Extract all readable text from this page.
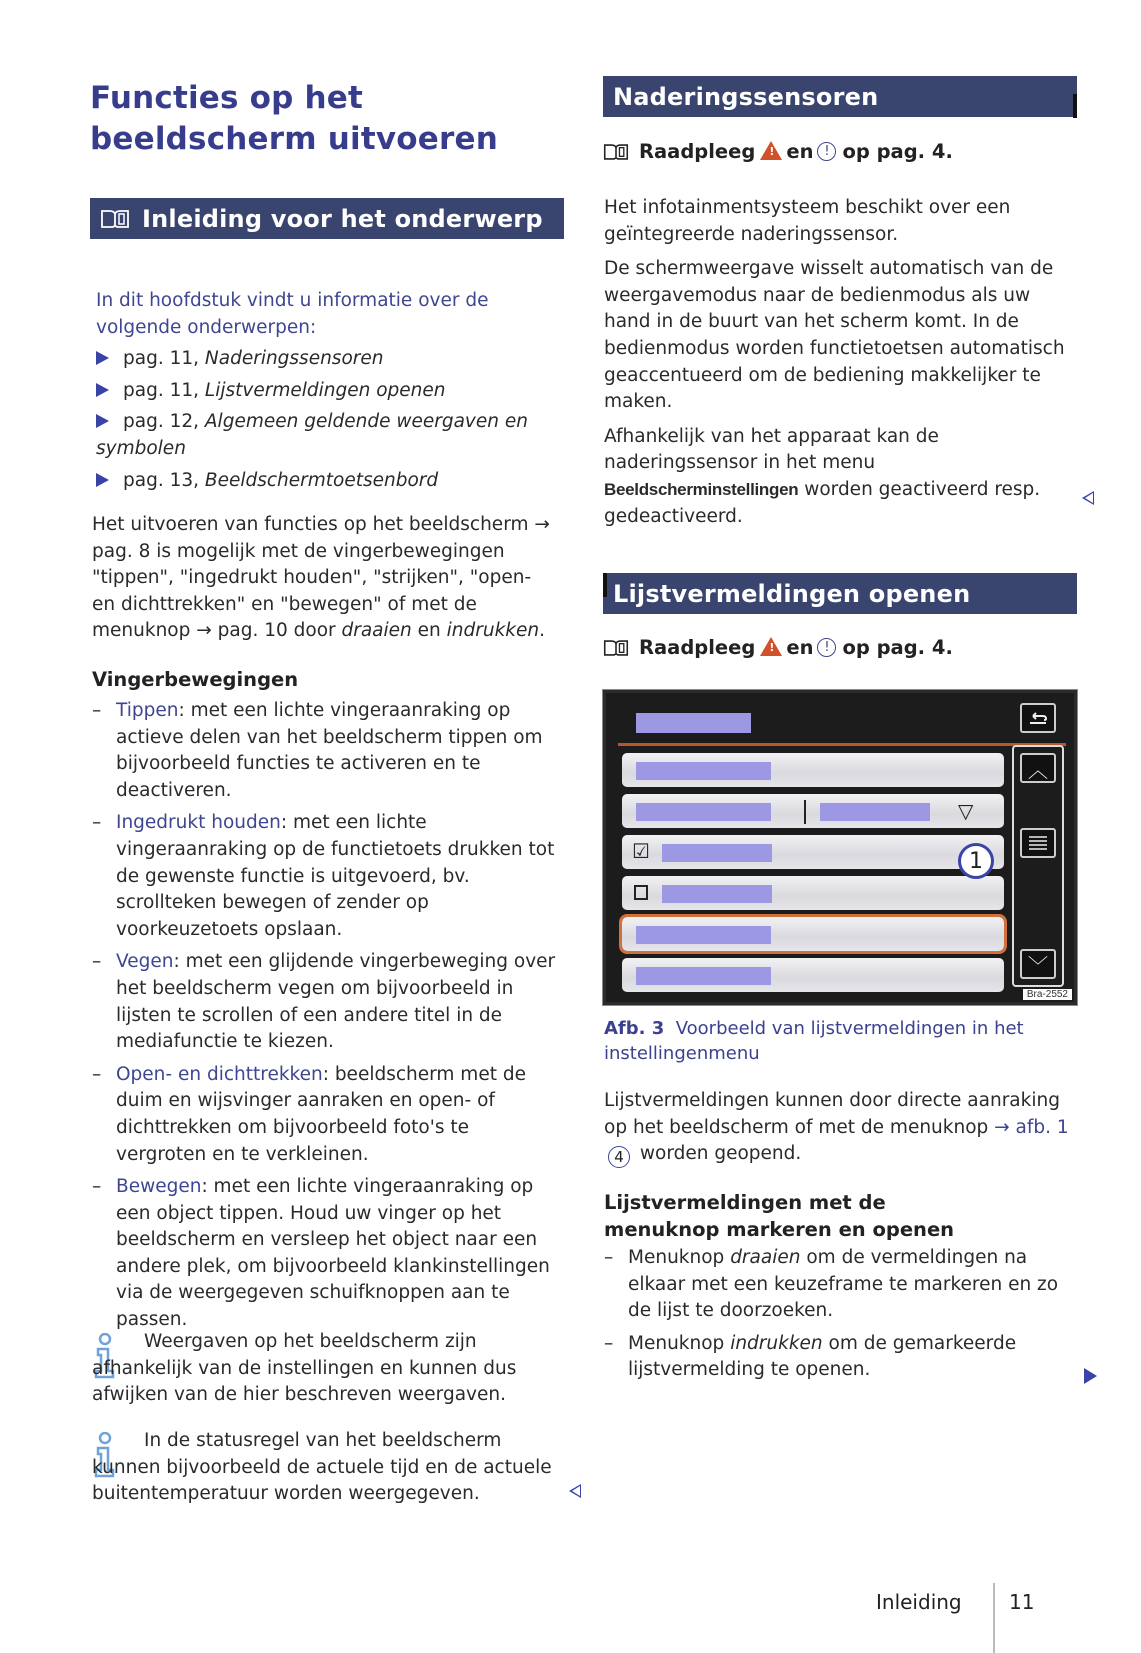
Functies op het beeldscherm uitvoeren
Inleiding voor het onderwerp
In dit hoofdstuk vindt u informatie over de volgende onderwerpen:
pag. 11, Naderingssensoren
pag. 11, Lijstvermeldingen openen
pag. 12, Algemeen geldende weergaven en symbolen
pag. 13, Beeldschermtoetsenbord

Het uitvoeren van functies op het beeldscherm → pag. 8 is mogelijk met de vingerbewegingen "tippen", "ingedrukt houden", "strijken", "open- en dichttrekken" en "bewegen" of met de menuknop → pag. 10 door draaien en indrukken.

Vingerbewegingen
– Tippen: met een lichte vingeraanraking op actieve delen van het beeldscherm tippen om bijvoorbeeld functies te activeren en te deactiveren.
– Ingedrukt houden: met een lichte vingeraanraking op de functietoets drukken tot de gewenste functie is uitgevoerd, bv. scrollteken bewegen of zender op voorkeuzetoets opslaan.
– Vegen: met een glijdende vingerbeweging over het beeldscherm vegen om bijvoorbeeld in lijsten te scrollen of een andere titel in de mediafunctie te kiezen.
– Open- en dichttrekken: beeldscherm met de duim en wijsvinger aanraken en open- of dichttrekken om bijvoorbeeld foto's te vergroten en te verkleinen.
– Bewegen: met een lichte vingeraanraking op een object tippen. Houd uw vinger op het beeldscherm en versleep het object naar een andere plek, om bijvoorbeeld klankinstellingen via de weergegeven schuifknoppen aan te passen.

Weergaven op het beeldscherm zijn afhankelijk van de instellingen en kunnen dus afwijken van de hier beschreven weergaven.

In de statusregel van het beeldscherm kunnen bijvoorbeeld de actuele tijd en de actuele buitentemperatuur worden weergegeven.

Naderingssensoren
Raadpleeg ! en ! op pag. 4.

Het infotainmentsysteem beschikt over een geïntegreerde naderingssensor.

De schermweergave wisselt automatisch van de weergavemodus naar de bedienmodus als uw hand in de buurt van het scherm komt. In de bedienmodus worden functietoetsen automatisch geaccentueerd om de bediening makkelijker te maken.

Afhankelijk van het apparaat kan de naderingssensor in het menu Beeldscherminstellingen worden geactiveerd resp. gedeactiveerd.

Lijstvermeldingen openen
Raadpleeg ! en ! op pag. 4.
︿
﹀
▽
☑	1
Bra-2552

Afb. 3 Voorbeeld van lijstvermeldingen in het instellingenmenu

Lijstvermeldingen kunnen door directe aanraking op het beeldscherm of met de menuknop → afb. 1 4 worden geopend.

Lijstvermeldingen met de menuknop markeren en openen
– Menuknop draaien om de vermeldingen na elkaar met een keuzeframe te markeren en zo de lijst te doorzoeken.
– Menuknop indrukken om de gemarkeerde lijstvermelding te openen.
Inleiding 11
